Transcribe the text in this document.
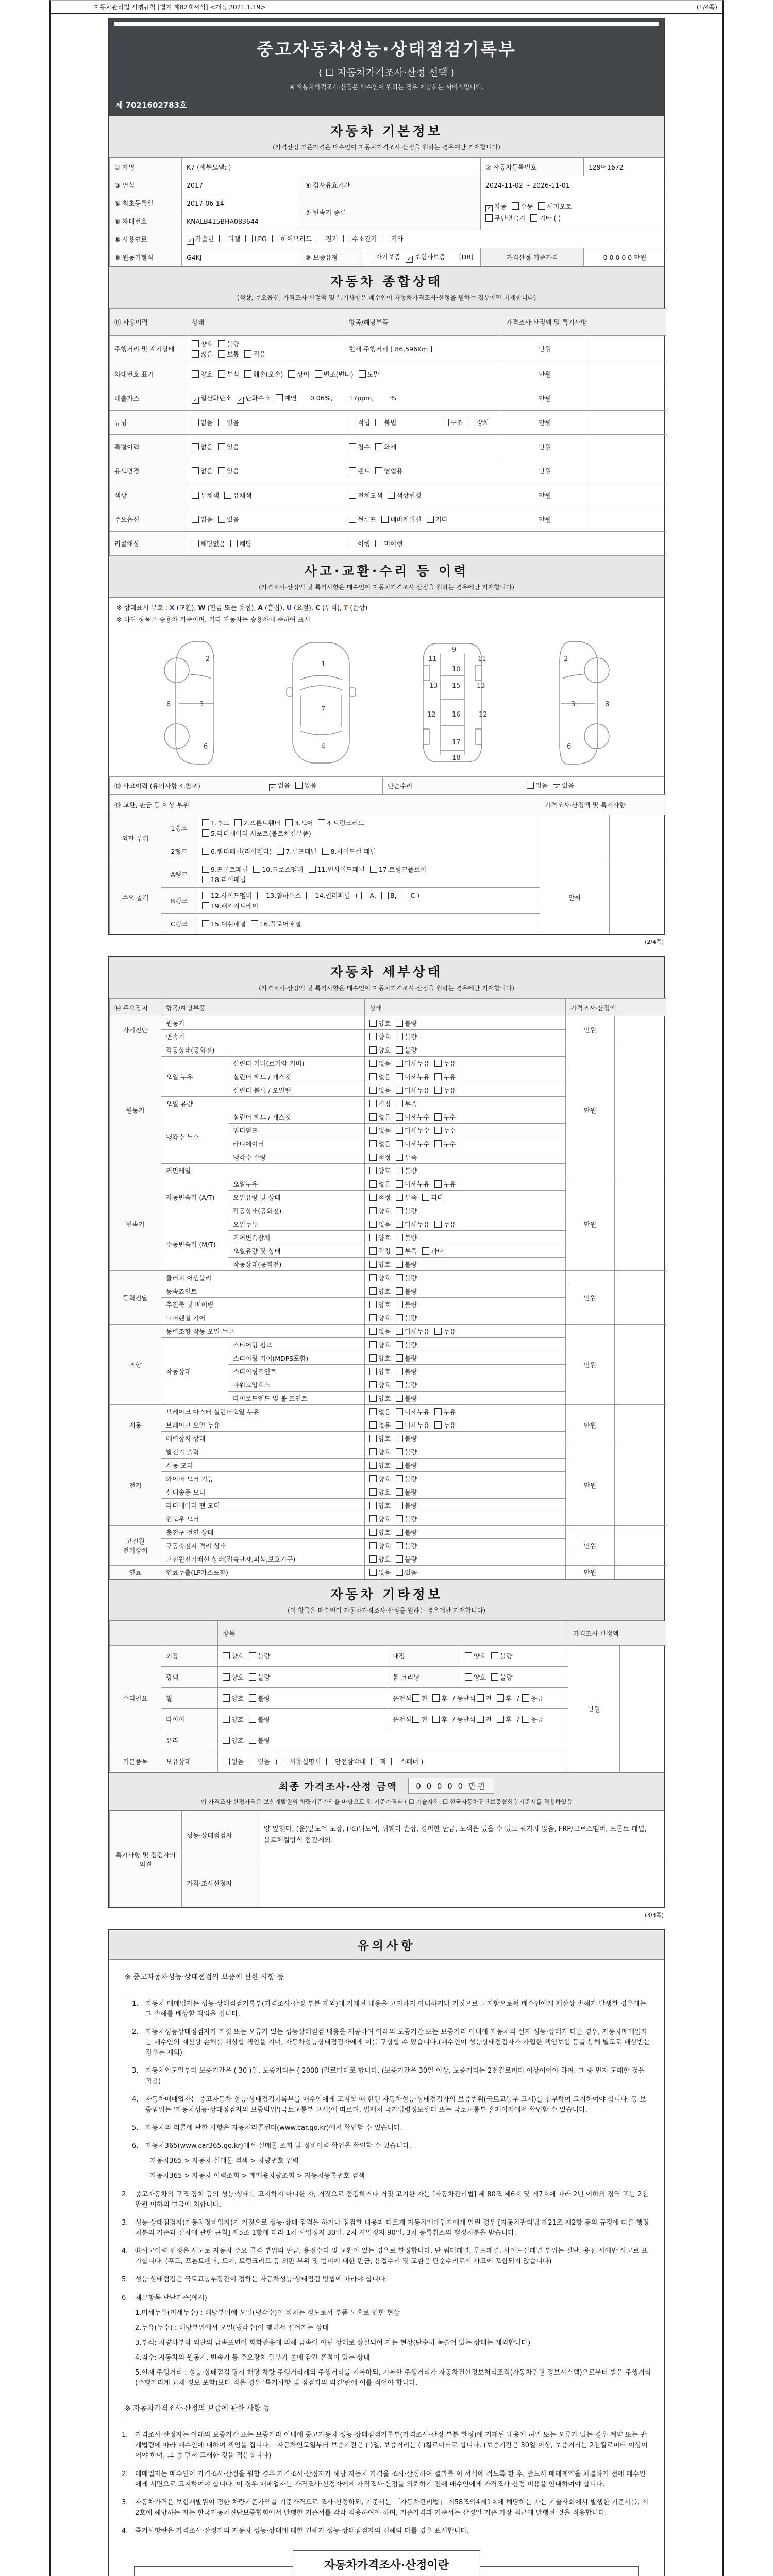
자동차관리법 시행규칙 [별지 제82호서식] <개정 2021.1.19>	(1/4쪽)
중고자동차성능·상태점검기록부
( ☐ 자동차가격조사·산정 선택 )
※ 자동차가격조사·산정은 매수인이 원하는 경우 제공하는 서비스입니다.
제 7021602783호
자동차 기본정보
(가격산정 기준가격은 매수인이 자동차가격조사·산정을 원하는 경우에만 기재합니다)
① 차명	K7 (세부모델: )			② 자동차등록번호	129머1672
③ 연식	2017	④ 검사유효기간		2024-11-02 ~ 2026-11-01	
⑤ 최초등록일	2017-06-14	⑦ 변속기 종류		✓ 자동 수동 세미오토
무단변속기 기타 ( )	

⑥ 차대번호	KNALB415BHA083644				
⑧ 사용연료	✓ 가솔린 디젤 LPG 하이브리드 전기 수소전기 기타				
⑨ 원동기형식	G4KJ	⑩ 보증유형	자가보증 ✓ 보험사보증 [DB]	가격산정 기준가격	0 0 0 0 0 만원
자동차 종합상태
(색상, 주요옵션, 가격조사·산정액 및 특기사항은 매수인이 자동차가격조사·산정을 원하는 경우에만 기재합니다)
⑪ 사용이력	상태	항목/해당부품	가격조사·산정액 및 특기사항	
주행거리 및 계기상태	양호 불량
많음 보통 적음	현재 주행거리 [ 86,596Km ]	만원	
차대번호 표기	양호 부식 훼손(오손) 상이 변조(변타) 도말		만원	
배출가스	✓ 일산화탄소 ✓ 탄화수소 매연 0.06%,        17ppm,        %		만원	
튜닝	없음 있음	적법 불법 구조 장치	만원	
특별이력	없음 있음	침수 화재	만원	
용도변경	없음 있음	렌트 영업용	만원	
색상	무채색 유채색	전체도색 색상변경	만원	
주요옵션	없음 있음	썬루프 네비게이션 기타	만원	
리콜대상	해당없음 해당	이행 미이행		
사고·교환·수리 등 이력
(가격조사·산정액 및 특기사항은 매수인이 자동차가격조사·산정을 원하는 경우에만 기재합니다)
※ 상태표시 부호 : X (교환), W (판금 또는 용접), A (흠집), U (요철), C (부식), T (손상)
※ 하단 항목은 승용차 기준이며, 기타 자동차는 승용차에 준하여 표시
2
3
6
8
1
7
4
9
11	11
10
13 15 13
12 16	12
17
18
2
3
6
8
⑫ 사고이력 (유의사항 4.참조)	✓ 없음 있음	단순수리	없음 ✓ 있음
⑬ 교환, 판금 등 이상 부위			가격조사·산정액 및 특기사항	
외판 부위	1랭크	1.후드 2.프론트휀더 3.도어 4.트렁크리드
5.라디에이터 서포트(볼트체결부품)		

	2랭크	6.쿼터패널(리어휀다) 7.루프패널 8.사이드실 패널		
주요 골격	A랭크	9.프론트패널 10.크로스멤버 11.인사이드패널 17.트렁크플로어
18.리어패널	만원	
	B랭크	12.사이드멤버 13.휠하우스 14.필러패널 ( A, B, C )
19.패키지트레이		

	C랭크	15.대쉬패널 16.플로어패널		
(2/4쪽)
자동차 세부상태
(가격조사·산정액 및 특기사항은 매수인이 자동차가격조사·산정을 원하는 경우에만 기재합니다)
⑭ 주요장치	항목/해당부품		상태	가격조사·산정액	
자기진단	원동기		양호 불량	만원	
	변속기		양호 불량		
원동기	작동상태(공회전)		양호 불량	만원	
	오일 누유	실린더 커버(로커암 커버)	없음 미세누유 누유		
		실린더 헤드 / 개스킷	없음 미세누유 누유		
		실린더 블록 / 오일팬	없음 미세누유 누유		
	오일 유량		적정 부족		
	냉각수 누수	실린더 헤드 / 개스킷	없음 미세누수 누수		
		워터펌프	없음 미세누수 누수		
		라디에이터	없음 미세누수 누수		
		냉각수 수량	적정 부족		
	커먼레일		양호 불량		
변속기	자동변속기 (A/T)	오일누유	없음 미세누유 누유	만원	
		오일유량 및 상태	적정 부족 과다		
		작동상태(공회전)	양호 불량		
	수동변속기 (M/T)	오일누유	없음 미세누유 누유		
		기어변속장치	양호 불량		
		오일유량 및 상태	적정 부족 과다		
		작동상태(공회전)	양호 불량		
동력전달	클러치 어셈블리		양호 불량	만원	
	등속죠인트		양호 불량		
	추진축 및 베어링		양호 불량		
	디퍼렌셜 기어		양호 불량		
조향	동력조향 작동 오일 누유		없음 미세누유 누유	만원	
	작동상태	스티어링 펌프	양호 불량		
		스티어링 기어(MDPS포함)	양호 불량		
		스티어링조인트	양호 불량		
		파워고압호스	양호 불량		
		타이로드엔드 및 볼 조인트	양호 불량		
제동	브레이크 마스터 실린더오일 누유		없음 미세누유 누유	만원	
	브레이크 오일 누유		없음 미세누유 누유		
	배력장치 상태		양호 불량		
전기	발전기 출력		양호 불량	만원	
	시동 모터		양호 불량		
	와이퍼 모터 기능		양호 불량		
	실내송풍 모터		양호 불량		
	라디에이터 팬 모터		양호 불량		
	윈도우 모터		양호 불량		
고전원 전기장치	충전구 절연 상태		양호 불량	만원	
	구동축전지 격리 상태		양호 불량		
	고전원전기배선 상태(접속단자,피복,보호기구)		양호 불량		
연료	연료누출(LP가스포함)		없음 있음	만원	
자동차 기타정보
(이 항목은 매수인이 자동차가격조사·산정을 원하는 경우에만 기재합니다)
		항목			가격조사·산정액	
수리필요	외장	양호 불량	내장	양호 불량	만원	
	광택	양호 불량	룸 크리닝	양호 불량		
	휠	양호 불량	운전석 전 후 / 동반석 전 후 / 응급			
	타이어	양호 불량	운전석 전 후 / 동반석 전 후 / 응급			
	유리	양호 불량				
기본품목	보유상태	없음 있음 ( 사용설명서 안전삼각대 잭 스패너 )				
최종 가격조사·산정 금액 0 0 0 0 0 만원
이 가격조사·산정가격은 보험개발원의 차량기준가액을 바탕으로 한 기준가격과 ( ☐ 기술사회, ☐ 한국자동차진단보증협회 ) 기준서를 적용하였음
특기사항 및 점검자의 의견	성능·상태점검자	양 앞휀다, (운)앞도어 도장, (조)뒤도어, 뒤휀다 손상, 경미한 판금, 도색은 있을 수 있고 표기치 않음, FRP/크로스멤버, 프론트 패널, 볼트체결방식 점검제외.
	가격·조사산정자	
(3/4쪽)
유의사항
※ 중고자동차성능·상태점검의 보증에 관한 사항 등
1.	자동차 매매업자는 성능·상태점검기록부(가격조사·산정 부분 제외)에 기재된 내용을 고지하지 아니하거나 거짓으로 고지함으로써 매수인에게 재산상 손해가 발생한 경우에는 그 손해를 배상할 책임을 집니다.
2.	자동차성능상태점검자가 거짓 또는 오류가 있는 성능상태점검 내용을 제공하여 아래의 보증기간 또는 보증거리 이내에 자동차의 실제 성능·상태가 다른 경우, 자동차매매업자는 매수인의 재산상 손해를 배상할 책임을 지며, 자동차성능상태점검자에게 이를 구상할 수 있습니다.(매수인이 성능상태점검자가 가입한 책임보험 등을 통해 별도로 배상받는 경우는 제외)
3.	자동차인도일부터 보증기간은 ( 30 )일, 보증거리는 ( 2000 )킬로미터로 합니다. (보증기간은 30일 이상, 보증거리는 2천킬로미터 이상이어야 하며, 그 중 먼저 도래한 것을 적용)
4.	자동차매매업자는 중고자동차 성능·상태점검기록부를 매수인에게 고지할 때 현행 자동차성능·상태점검자의 보증범위(국토교통부 고시)를 첨부하여 고지하여야 합니다. 동 보증범위는 '자동차성능·상태점검자의 보증범위'(국토교통부 고시)에 따르며, 법제처 국가법령정보센터 또는 국토교통부 홈페이지에서 확인할 수 있습니다.
5.	자동차의 리콜에 관한 사항은 자동차리콜센터(www.car.go.kr)에서 확인할 수 있습니다.
6.	자동차365(www.car365.go.kr)에서 실매물 조회 및 정비이력 확인을 확인할 수 있습니다.
- 자동차365 > 자동차 실매물 검색 > 차량번호 입력
- 자동차365 > 자동차 이력조회 > 매매용차량조회 > 자동차등록번호 검색
2.	중고자동차의 구조·장치 등의 성능·상태를 고지하지 아니한 자, 거짓으로 점검하거나 거짓 고지한 자는 [자동차관리법] 제 80조 제6호 및 제7호에 따라 2년 이하의 징역 또는 2천만원 이하의 벌금에 처합니다.
3.	성능·상태점검자(자동차정비업자)가 거짓으로 성능·상태 점검을 하거나 점검한 내용과 다르게 자동차매매업자에게 알린 경우 [자동차관리법 제21조 제2항 등의 규정에 따른 행정처분의 기준과 절차에 관한 규칙] 제5조 1항에 따라 1차 사업정지 30일, 2차 사업정지 90일, 3차 등록취소의 행정처분을 받습니다.
4.	⑫사고이력 인정은 사고로 자동차 주요 골격 부위의 판금, 용접수리 및 교환이 있는 경우로 한정합니다. 단 쿼터패널, 루프패널, 사이드실패널 부위는 절단, 용접 시에만 사고로 표기합니다. (후드, 프론트펜더, 도어, 트렁크리드 등 외판 부위 및 범퍼에 대한 판금, 용접수리 및 교환은 단순수리로서 사고에 포함되지 않습니다)
5.	성능·상태점검은 국토교통부장관이 정하는 자동차성능·상태점검 방법에 따라야 합니다.
6.	체크항목 판단기준(예시)
1.미세누유(미세누수) : 해당부위에 오일(냉각수)이 비치는 정도로서 부품 노후로 인한 현상
2.누유(누수) : 해당부위에서 오일(냉각수)이 맺혀서 떨어지는 상태
3.부식: 차량하부와 외판의 금속표면이 화학반응에 의해 금속이 아닌 상태로 상실되어 가는 현상(단순히 녹슬어 있는 상태는 제외합니다)
4.침수: 자동차의 원동기, 변속기 등 주요장치 일부가 물에 잠긴 흔적이 있는 상태
5.현재 주행거리 : 성능·상태점검 당시 해당 차량 주행거리계의 주행거리를 기록하되, 기록한 주행거리가 자동차전산정보처리조직(자동차민원 정보시스템)으로부터 받은 주행거리(주행거리계 교체 정보 포함)보다 적은 경우 '특기사항 및 점검자의 의견'란에 이를 적어야 합니다.
※ 자동차가격조사·산정의 보증에 관한 사항 등
1.	가격조사·산정자는 아래의 보증기간 또는 보증거리 이내에 중고자동차 성능·상태점검기록부(가격조사·산정 부분 한정)에 기재된 내용에 허위 또는 오류가 있는 경우 계약 또는 관계법령에 따라 매수인에 대하여 책임을 집니다. · 자동차인도일부터 보증기간은 ( )일, 보증거리는 ( )킬로미터로 합니다. (보증기간은 30일 이상, 보증거리는 2천킬로미터 이상이어야 하며, 그 중 먼저 도래한 것을 적용합니다)
2.	매매업자는 매수인이 가격조사·산정을 원할 경우 가격조사·산정자가 해당 자동차 가격을 조사·산정하여 결과를 이 서식에 적도록 한 후, 반드시 매매계약을 체결하기 전에 매수인에게 서면으로 고지하여야 합니다. 이 경우 매매업자는 가격조사·산정자에게 가격조사·산정을 의뢰하기 전에 매수인에게 가격조사·산정 비용을 안내하여야 합니다.
3.	자동차가격은 보험개발원이 정한 차량기준가액을 기준가격으로 조사·산정하되, 기준서는 「자동차관리법」 제58조의4제1호에 해당하는 자는 기술사회에서 발행한 기준서를, 제2호에 해당하는 자는 한국자동차진단보증협회에서 발행한 기준서를 각각 적용하여야 하며, 기준가격과 기준서는 산정일 기준 가장 최근에 발행된 것을 적용합니다.
4.	특기사항란은 가격조사·산정자의 자동차 성능·상태에 대한 견해가 성능·상태점검자의 견해와 다를 경우 표시합니다.
자동차가격조사·산정이란
